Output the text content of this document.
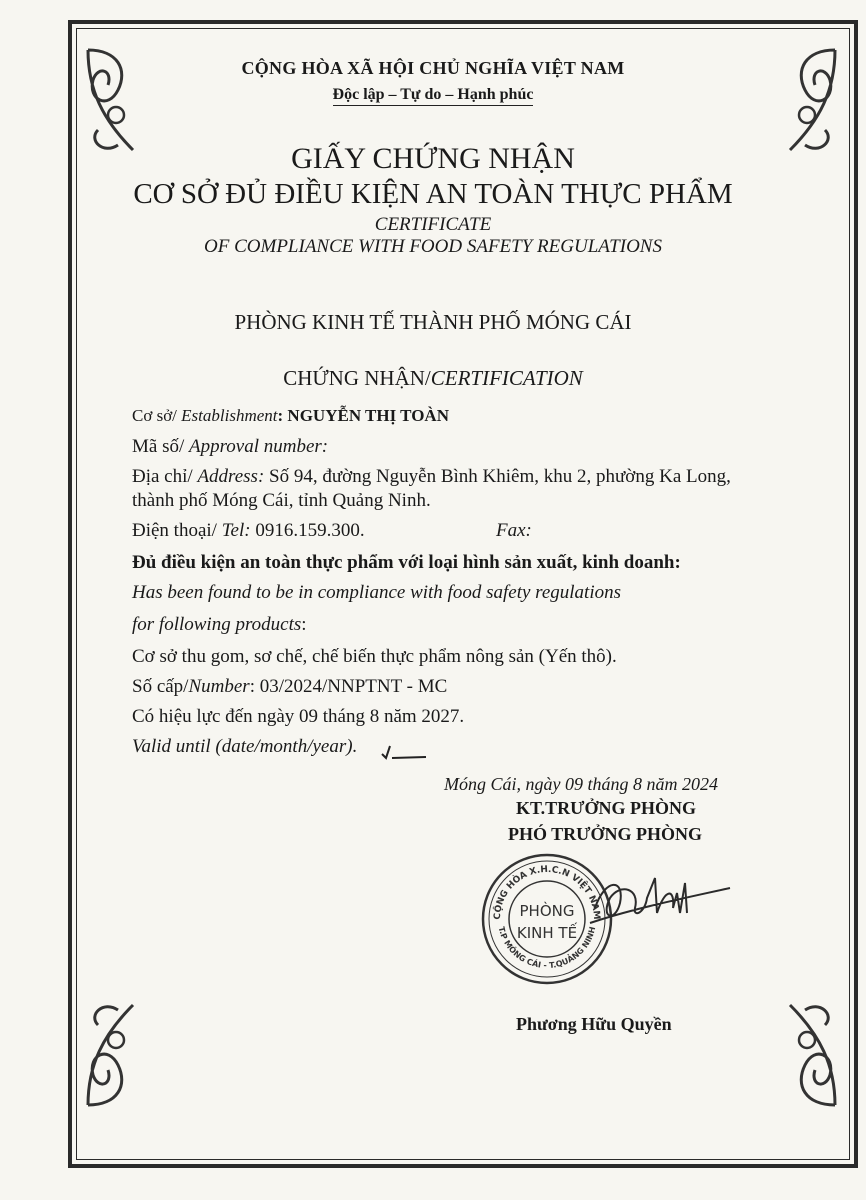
CỘNG HÒA XÃ HỘI CHỦ NGHĨA VIỆT NAM
Độc lập – Tự do – Hạnh phúc
GIẤY CHỨNG NHẬN
CƠ SỞ ĐỦ ĐIỀU KIỆN AN TOÀN THỰC PHẨM
CERTIFICATE
OF COMPLIANCE WITH FOOD SAFETY REGULATIONS
PHÒNG KINH TẾ THÀNH PHỐ MÓNG CÁI
CHỨNG NHẬN/CERTIFICATION
Cơ sở/ Establishment: NGUYỄN THỊ TOÀN
Mã số/ Approval number:
Địa chỉ/ Address: Số 94, đường Nguyễn Bình Khiêm, khu 2, phường Ka Long,
thành phố Móng Cái, tỉnh Quảng Ninh.
Điện thoại/ Tel: 0916.159.300.	Fax:
Đủ điều kiện an toàn thực phẩm với loại hình sản xuất, kinh doanh:
Has been found to be in compliance with food safety regulations
for following products:
Cơ sở thu gom, sơ chế, chế biến thực phẩm nông sản (Yến thô).
Số cấp/Number: 03/2024/NNPTNT - MC
Có hiệu lực đến ngày 09 tháng 8 năm 2027.
Valid until (date/month/year).
Móng Cái, ngày 09 tháng 8 năm 2024
KT.TRƯỞNG PHÒNG
PHÓ TRƯỞNG PHÒNG
CỘNG HÒA X.H.C.N VIỆT NAM
T.P MÓNG CÁI - T.QUẢNG NINH
PHÒNG
KINH TẾ
Phương Hữu Quyền
